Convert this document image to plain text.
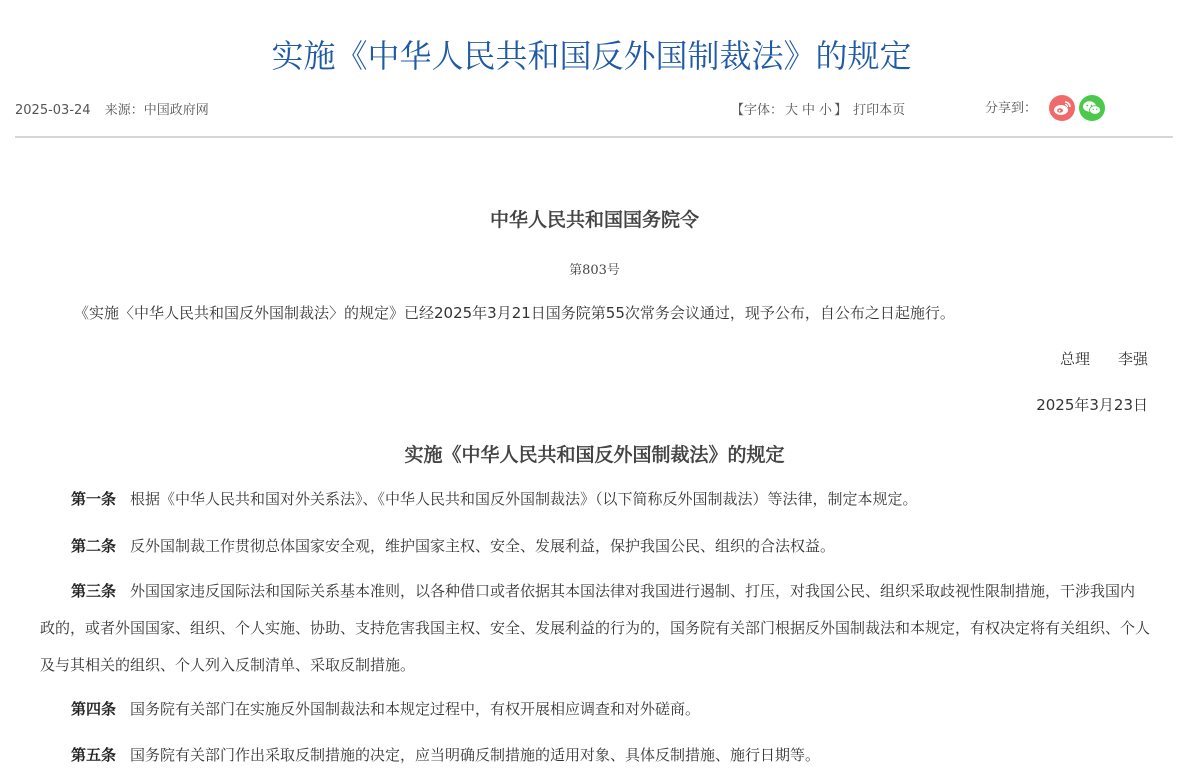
实施《中华人民共和国反外国制裁法》的规定
2025-03-24 来源：中国政府网	【字体： 大 中 小 】 打印本页	分享到：
中华人民共和国国务院令
第803号
《实施〈中华人民共和国反外国制裁法〉的规定》已经2025年3月21日国务院第55次常务会议通过，现予公布，自公布之日起施行。
总理 李强
2025年3月23日
实施《中华人民共和国反外国制裁法》的规定
第一条 根据《中华人民共和国对外关系法》、《中华人民共和国反外国制裁法》（以下简称反外国制裁法）等法律，制定本规定。
第二条 反外国制裁工作贯彻总体国家安全观，维护国家主权、安全、发展利益，保护我国公民、组织的合法权益。
第三条 外国国家违反国际法和国际关系基本准则，以各种借口或者依据其本国法律对我国进行遏制、打压，对我国公民、组织采取歧视性限制措施，干涉我国内政的，或者外国国家、组织、个人实施、协助、支持危害我国主权、安全、发展利益的行为的，国务院有关部门根据反外国制裁法和本规定，有权决定将有关组织、个人及与其相关的组织、个人列入反制清单、采取反制措施。
第四条 国务院有关部门在实施反外国制裁法和本规定过程中，有权开展相应调查和对外磋商。
第五条 国务院有关部门作出采取反制措施的决定，应当明确反制措施的适用对象、具体反制措施、施行日期等。
